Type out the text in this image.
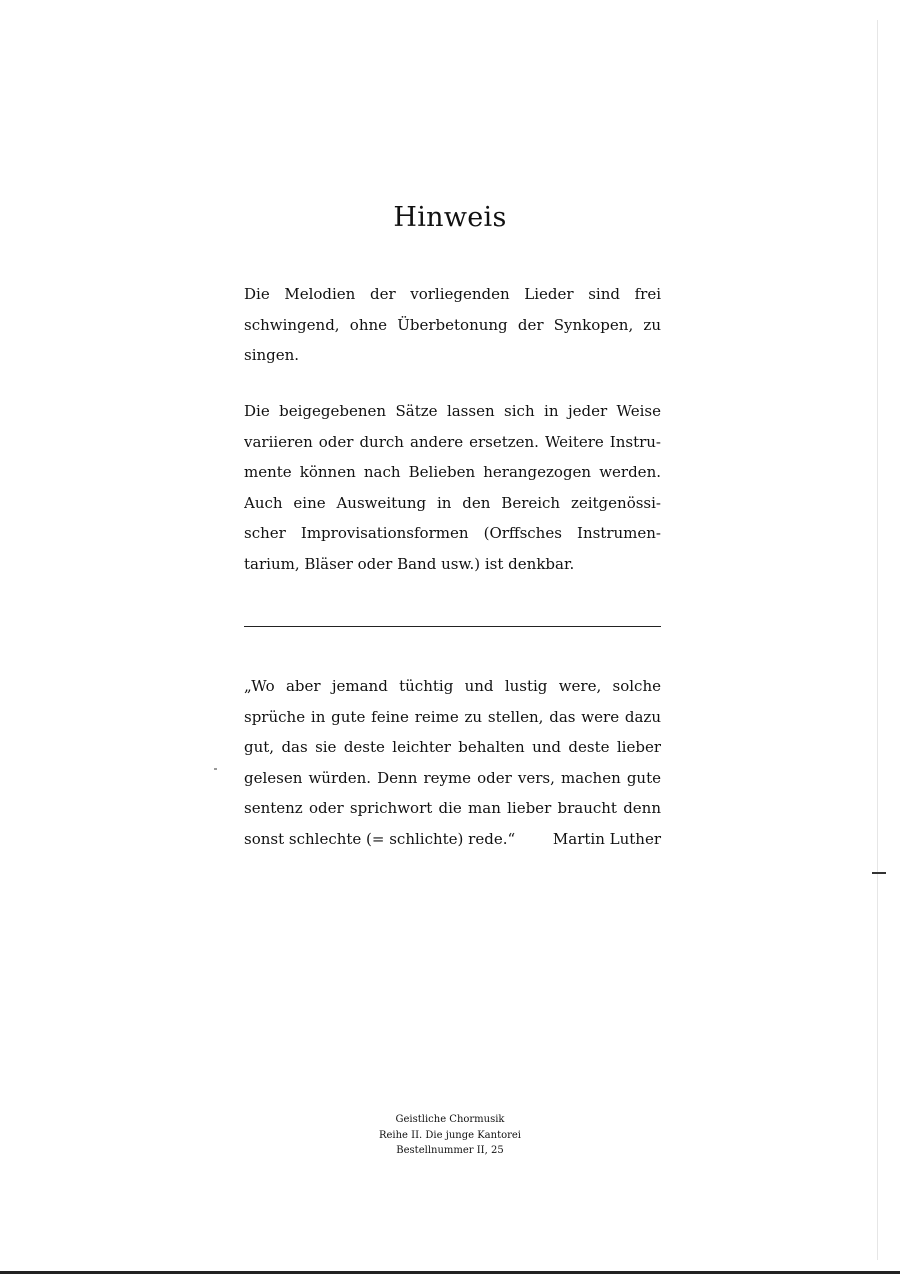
Hinweis
Die Melodien der vorliegenden Lieder sind frei
schwingend, ohne Überbetonung der Synkopen, zu
singen.
Die beigegebenen Sätze lassen sich in jeder Weise
variieren oder durch andere ersetzen. Weitere Instru-
mente können nach Belieben herangezogen werden.
Auch eine Ausweitung in den Bereich zeitgenössi-
scher Improvisationsformen (Orffsches Instrumen-
tarium, Bläser oder Band usw.) ist denkbar.
„Wo aber jemand tüchtig und lustig were, solche
sprüche in gute feine reime zu stellen, das were dazu
gut, das sie deste leichter behalten und deste lieber
gelesen würden. Denn reyme oder vers, machen gute
sentenz oder sprichwort die man lieber braucht denn
sonst schlechte (= schlichte) rede.“	Martin Luther
Geistliche Chormusik
Reihe II. Die junge Kantorei
Bestellnummer II, 25
